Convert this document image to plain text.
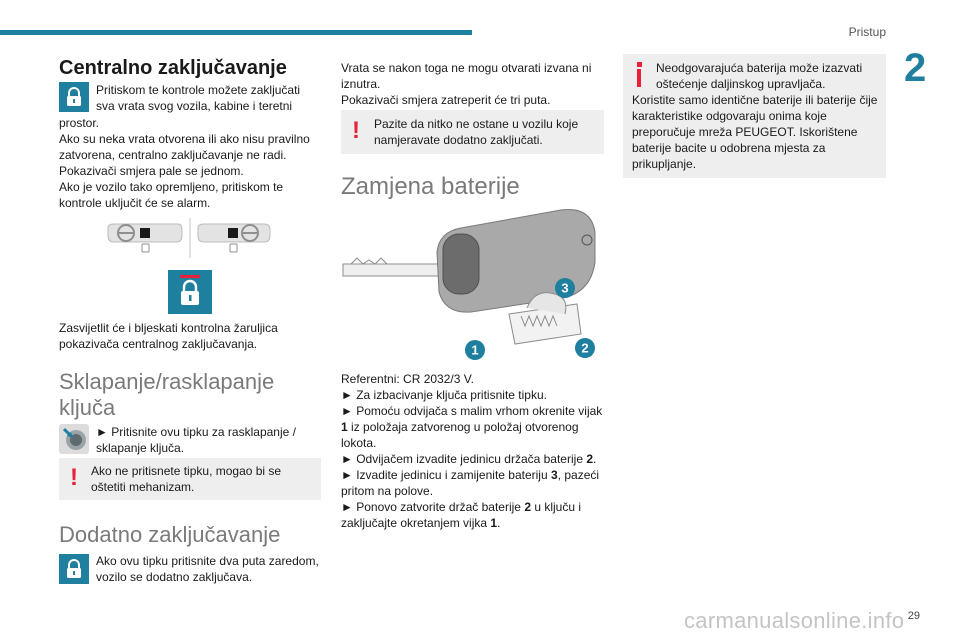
Pristup
2
Centralno zaključavanje
Pritiskom te kontrole možete zaključati sva vrata svog vozila, kabine i teretni
prostor.
Ako su neka vrata otvorena ili ako nisu pravilno zatvorena, centralno zaključavanje ne radi.
Pokazivači smjera pale se jednom.
Ako je vozilo tako opremljeno, pritiskom te kontrole uključit će se alarm.
Zasvijetlit će i bljeskati kontrolna žaruljica pokazivača centralnog zaključavanja.
Sklapanje/rasklapanje ključa
► Pritisnite ovu tipku za rasklapanje / sklapanje ključa.
! Ako ne pritisnete tipku, mogao bi se oštetiti mehanizam.
Dodatno zaključavanje
Ako ovu tipku pritisnite dva puta zaredom, vozilo se dodatno zaključava.
Vrata se nakon toga ne mogu otvarati izvana ni iznutra.
Pokazivači smjera zatreperit će tri puta.
! Pazite da nitko ne ostane u vozilu koje namjeravate dodatno zaključati.
Zamjena baterije
3
1	2
Referentni: CR 2032/3 V.
► Za izbacivanje ključa pritisnite tipku.
► Pomoću odvijača s malim vrhom okrenite vijak 1 iz položaja zatvorenog u položaj otvorenog lokota.
► Odvijačem izvadite jedinicu držača baterije 2.
► Izvadite jedinicu i zamijenite bateriju 3, pazeći pritom na polove.
► Ponovo zatvorite držač baterije 2 u ključu i zaključajte okretanjem vijka 1.
Neodgovarajuća baterija može izazvati oštećenje daljinskog upravljača.
Koristite samo identične baterije ili baterije čije karakteristike odgovaraju onima koje preporučuje mreža PEUGEOT. Iskorištene baterije bacite u odobrena mjesta za prikupljanje.
carmanualsonline.info 29
